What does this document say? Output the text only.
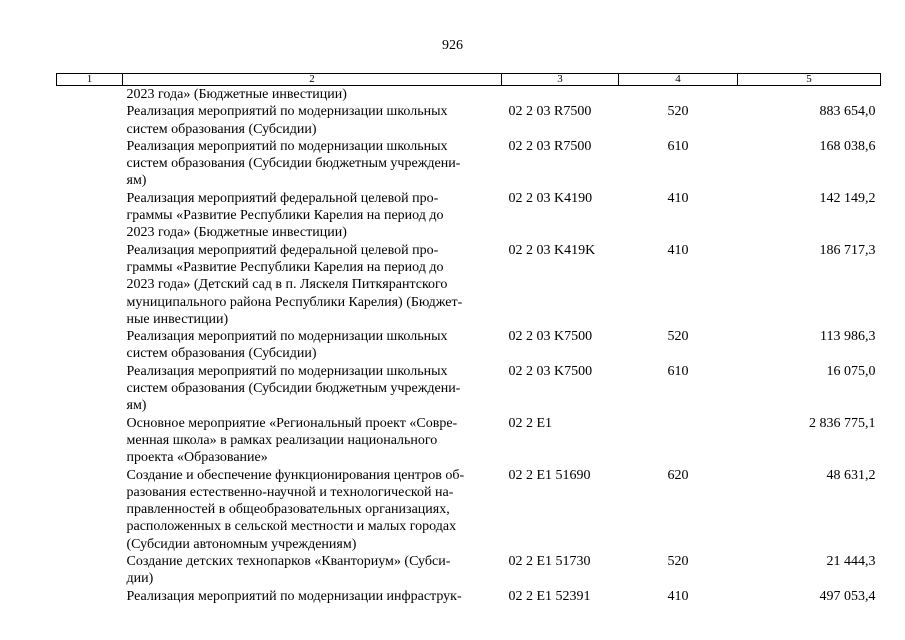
926
1	2	3	4	5
	2023 года» (Бюджетные инвестиции)			
	Реализация мероприятий по модернизации школьных
систем образования (Субсидии)	02 2 03 R7500	520	883 654,0
	Реализация мероприятий по модернизации школьных
систем образования (Субсидии бюджетным учреждени-
ям)	02 2 03 R7500	610	168 038,6
	Реализация мероприятий федеральной целевой про-
граммы «Развитие Республики Карелия на период до
2023 года» (Бюджетные инвестиции)	02 2 03 K4190	410	142 149,2
	Реализация мероприятий федеральной целевой про-
граммы «Развитие Республики Карелия на период до
2023 года» (Детский сад в п. Ляскеля Питкярантского
муниципального района Республики Карелия) (Бюджет-
ные инвестиции)	02 2 03 K419K	410	186 717,3
	Реализация мероприятий по модернизации школьных
систем образования (Субсидии)	02 2 03 K7500	520	113 986,3
	Реализация мероприятий по модернизации школьных
систем образования (Субсидии бюджетным учреждени-
ям)	02 2 03 K7500	610	16 075,0
	Основное мероприятие «Региональный проект «Совре-
менная школа» в рамках реализации национального
проекта «Образование»	02 2 E1		2 836 775,1
	Создание и обеспечение функционирования центров об-
разования естественно-научной и технологической на-
правленностей в общеобразовательных организациях,
расположенных в сельской местности и малых городах
(Субсидии автономным учреждениям)	02 2 E1 51690	620	48 631,2
	Создание детских технопарков «Кванториум» (Субси-
дии)	02 2 E1 51730	520	21 444,3
	Реализация мероприятий по модернизации инфраструк-	02 2 E1 52391	410	497 053,4
